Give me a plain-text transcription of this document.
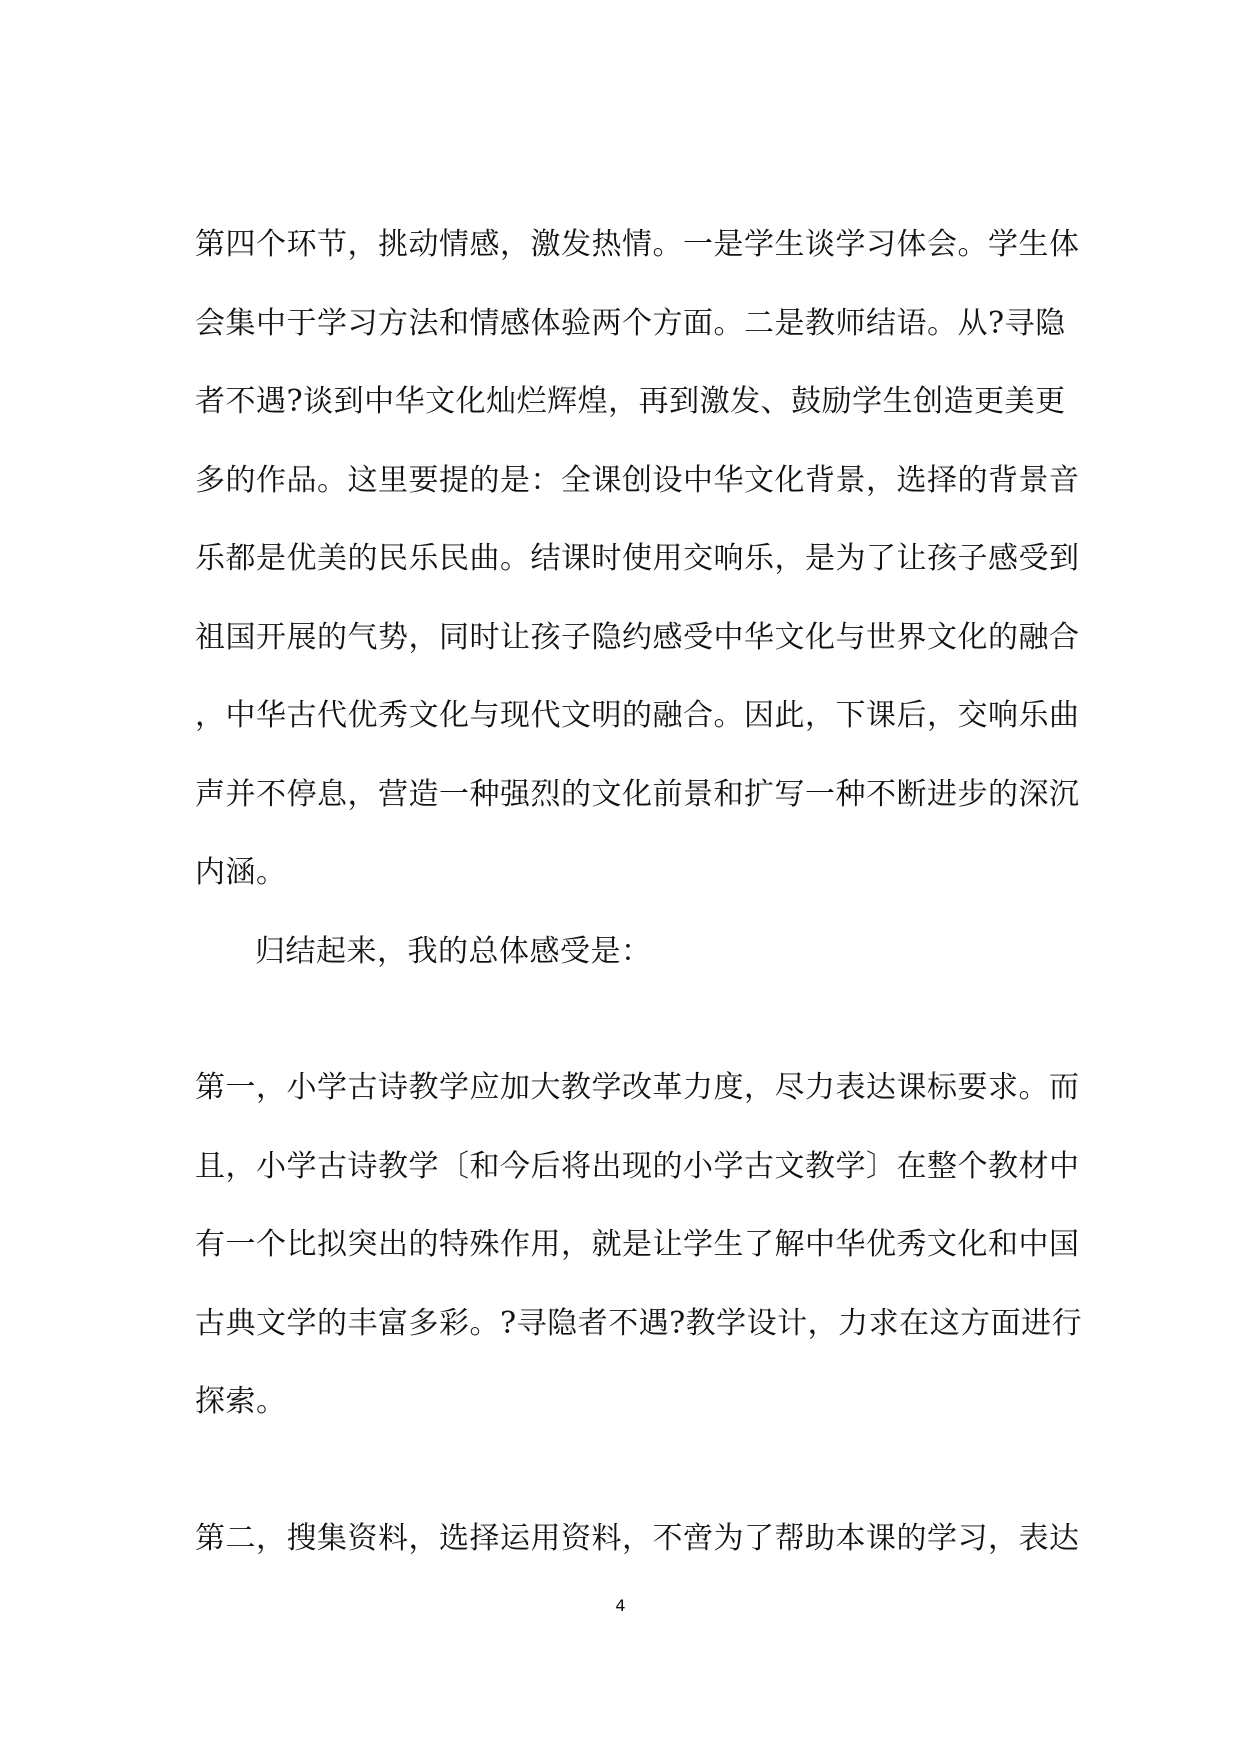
第四个环节，挑动情感，激发热情。一是学生谈学习体会。学生体
会集中于学习方法和情感体验两个方面。二是教师结语。从?寻隐
者不遇?谈到中华文化灿烂辉煌，再到激发、鼓励学生创造更美更
多的作品。这里要提的是：全课创设中华文化背景，选择的背景音
乐都是优美的民乐民曲。结课时使用交响乐，是为了让孩子感受到
祖国开展的气势，同时让孩子隐约感受中华文化与世界文化的融合
，中华古代优秀文化与现代文明的融合。因此，下课后，交响乐曲
声并不停息，营造一种强烈的文化前景和扩写一种不断进步的深沉
内涵。
归结起来，我的总体感受是：
第一，小学古诗教学应加大教学改革力度，尽力表达课标要求。而
且，小学古诗教学〔和今后将出现的小学古文教学〕在整个教材中
有一个比拟突出的特殊作用，就是让学生了解中华优秀文化和中国
古典文学的丰富多彩。?寻隐者不遇?教学设计，力求在这方面进行
探索。
第二，搜集资料，选择运用资料，不啻为了帮助本课的学习，表达
4
